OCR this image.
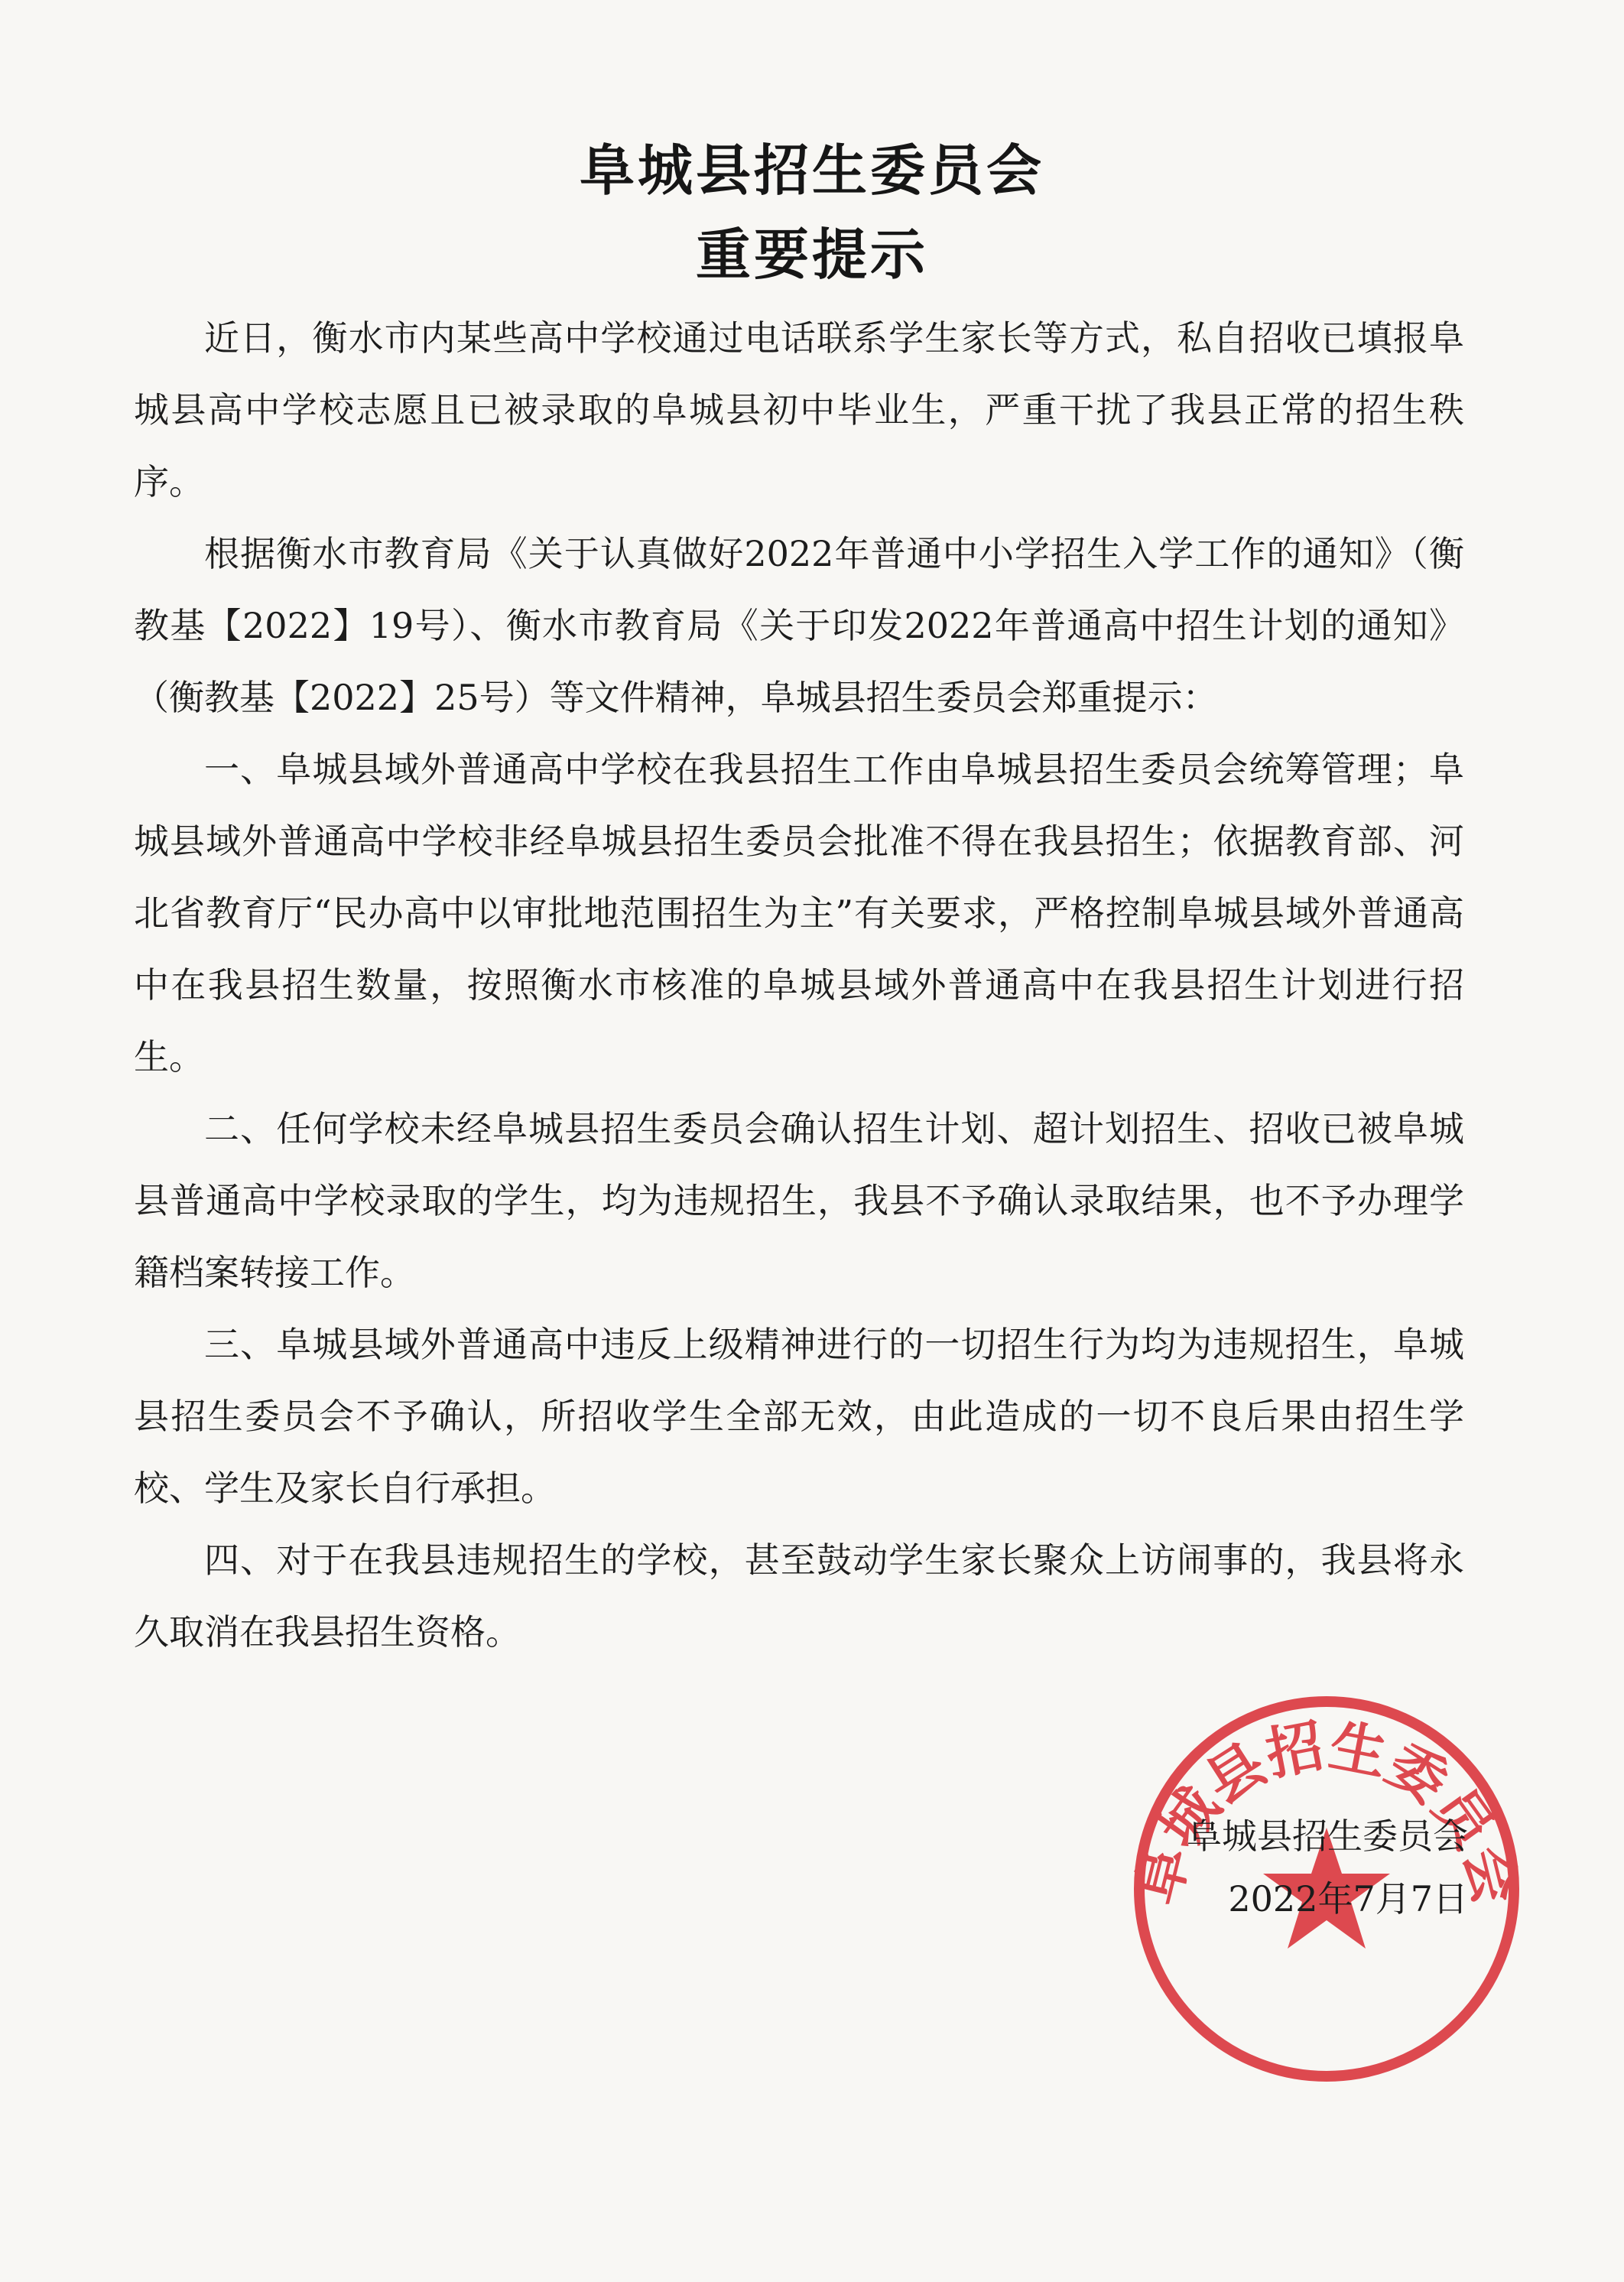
阜城县招生委员会
重要提示

近日，衡水市内某些高中学校通过电话联系学生家长等方式，私自招收已填报阜城县高中学校志愿且已被录取的阜城县初中毕业生，严重干扰了我县正常的招生秩序。

根据衡水市教育局《关于认真做好2022年普通中小学招生入学工作的通知》（衡教基【2022】19号）、衡水市教育局《关于印发2022年普通高中招生计划的通知》（衡教基【2022】25号）等文件精神，阜城县招生委员会郑重提示：

一、阜城县域外普通高中学校在我县招生工作由阜城县招生委员会统筹管理；阜城县域外普通高中学校非经阜城县招生委员会批准不得在我县招生；依据教育部、河北省教育厅“民办高中以审批地范围招生为主”有关要求，严格控制阜城县域外普通高中在我县招生数量，按照衡水市核准的阜城县域外普通高中在我县招生计划进行招生。

二、任何学校未经阜城县招生委员会确认招生计划、超计划招生、招收已被阜城县普通高中学校录取的学生，均为违规招生，我县不予确认录取结果，也不予办理学籍档案转接工作。

三、阜城县域外普通高中违反上级精神进行的一切招生行为均为违规招生，阜城县招生委员会不予确认，所招收学生全部无效，由此造成的一切不良后果由招生学校、学生及家长自行承担。

四、对于在我县违规招生的学校，甚至鼓动学生家长聚众上访闹事的，我县将永久取消在我县招生资格。

阜城县招生委员会
阜城县招生委员会
2022年7月7日
